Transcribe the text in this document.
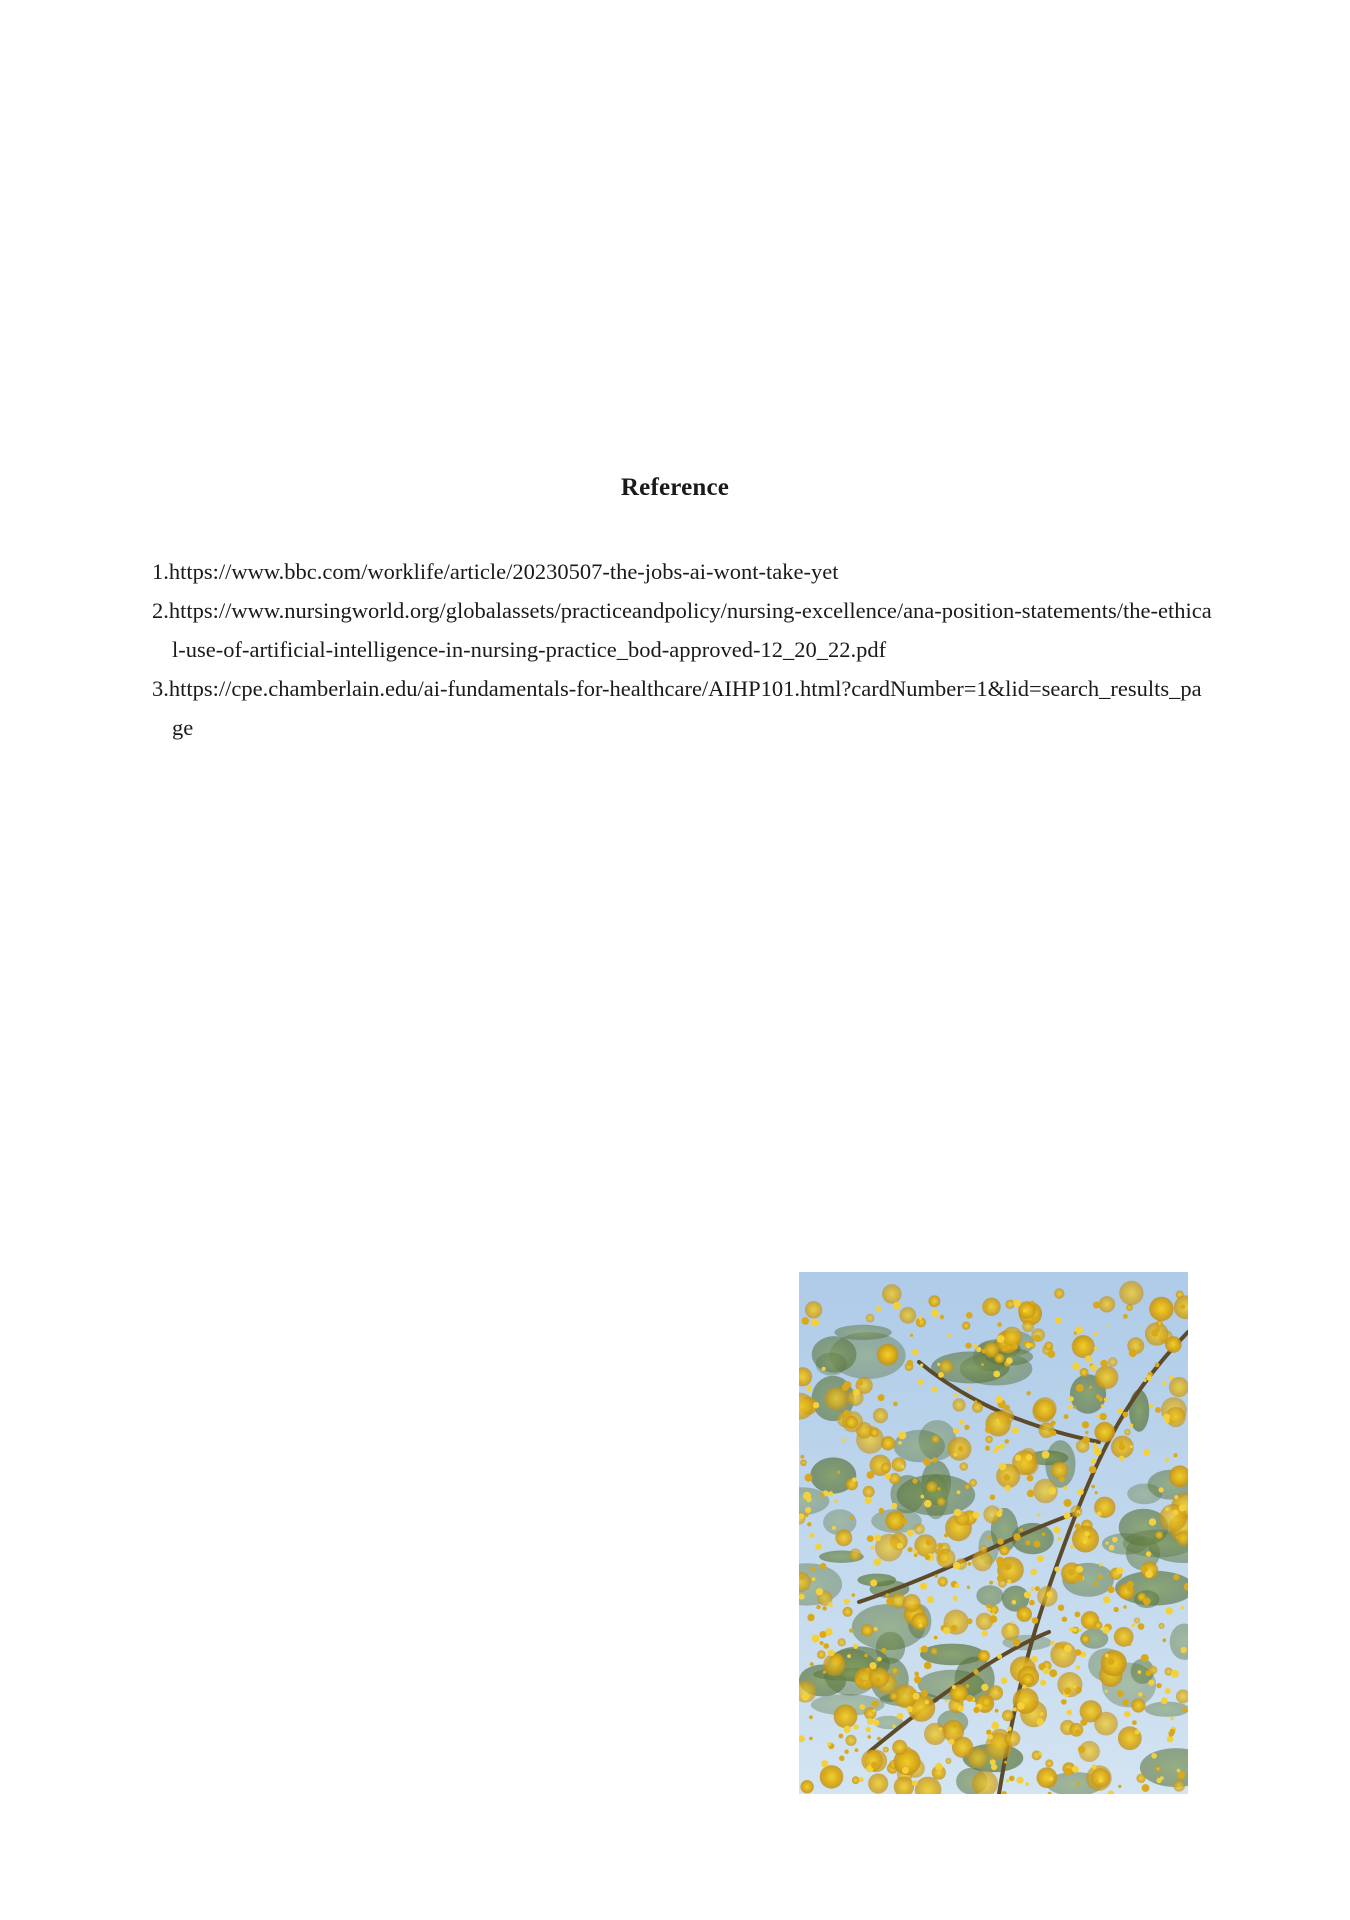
Reference
1.https://www.bbc.com/worklife/article/20230507-the-jobs-ai-wont-take-yet
2.https://www.nursingworld.org/globalassets/practiceandpolicy/nursing-excellence/ana-position-statements/the-ethical-use-of-artificial-intelligence-in-nursing-practice_bod-approved-12_20_22.pdf
3.https://cpe.chamberlain.edu/ai-fundamentals-for-healthcare/AIHP101.html?cardNumber=1&lid=search_results_page
